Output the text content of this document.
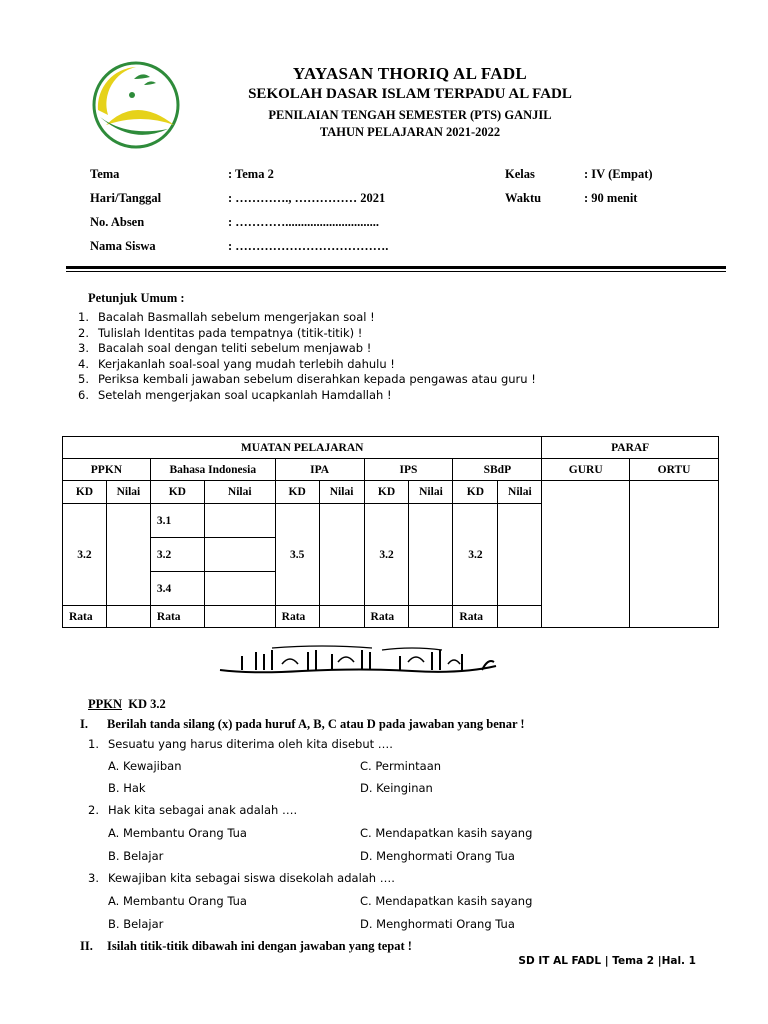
YAYASAN THORIQ AL FADL
SEKOLAH DASAR ISLAM TERPADU AL FADL
PENILAIAN TENGAH SEMESTER (PTS) GANJIL
TAHUN PELAJARAN 2021-2022
Tema	: Tema 2
Hari/Tanggal	: …………., …………… 2021
No. Absen	: …………..............................
Nama Siswa	: ……………………………….
Kelas	: IV (Empat)
Waktu	: 90 menit
Petunjuk Umum :
1. Bacalah Basmallah sebelum mengerjakan soal !
2. Tulislah Identitas pada tempatnya (titik-titik) !
3. Bacalah soal dengan teliti sebelum menjawab !
4. Kerjakanlah soal-soal yang mudah terlebih dahulu !
5. Periksa kembali jawaban sebelum diserahkan kepada pengawas atau guru !
6. Setelah mengerjakan soal ucapkanlah Hamdallah !
MUATAN PELAJARAN										PARAF	
PPKN		Bahasa Indonesia		IPA		IPS		SBdP		GURU	ORTU
KD	Nilai	KD	Nilai	KD	Nilai	KD	Nilai	KD	Nilai		
3.2		3.1		3.5		3.2		3.2			
		3.2									
		3.4									
Rata		Rata		Rata		Rata		Rata			
PPKN KD 3.2
I. Berilah tanda silang (x) pada huruf A, B, C atau D pada jawaban yang benar !
1. Sesuatu yang harus diterima oleh kita disebut ….
A. Kewajiban	C. Permintaan
B. Hak	D. Keinginan
2. Hak kita sebagai anak adalah ….
A. Membantu Orang Tua	C. Mendapatkan kasih sayang
B. Belajar	D. Menghormati Orang Tua
3. Kewajiban kita sebagai siswa disekolah adalah ….
A. Membantu Orang Tua	C. Mendapatkan kasih sayang
B. Belajar	D. Menghormati Orang Tua
II. Isilah titik-titik dibawah ini dengan jawaban yang tepat !
SD IT AL FADL | Tema 2 |Hal. 1
